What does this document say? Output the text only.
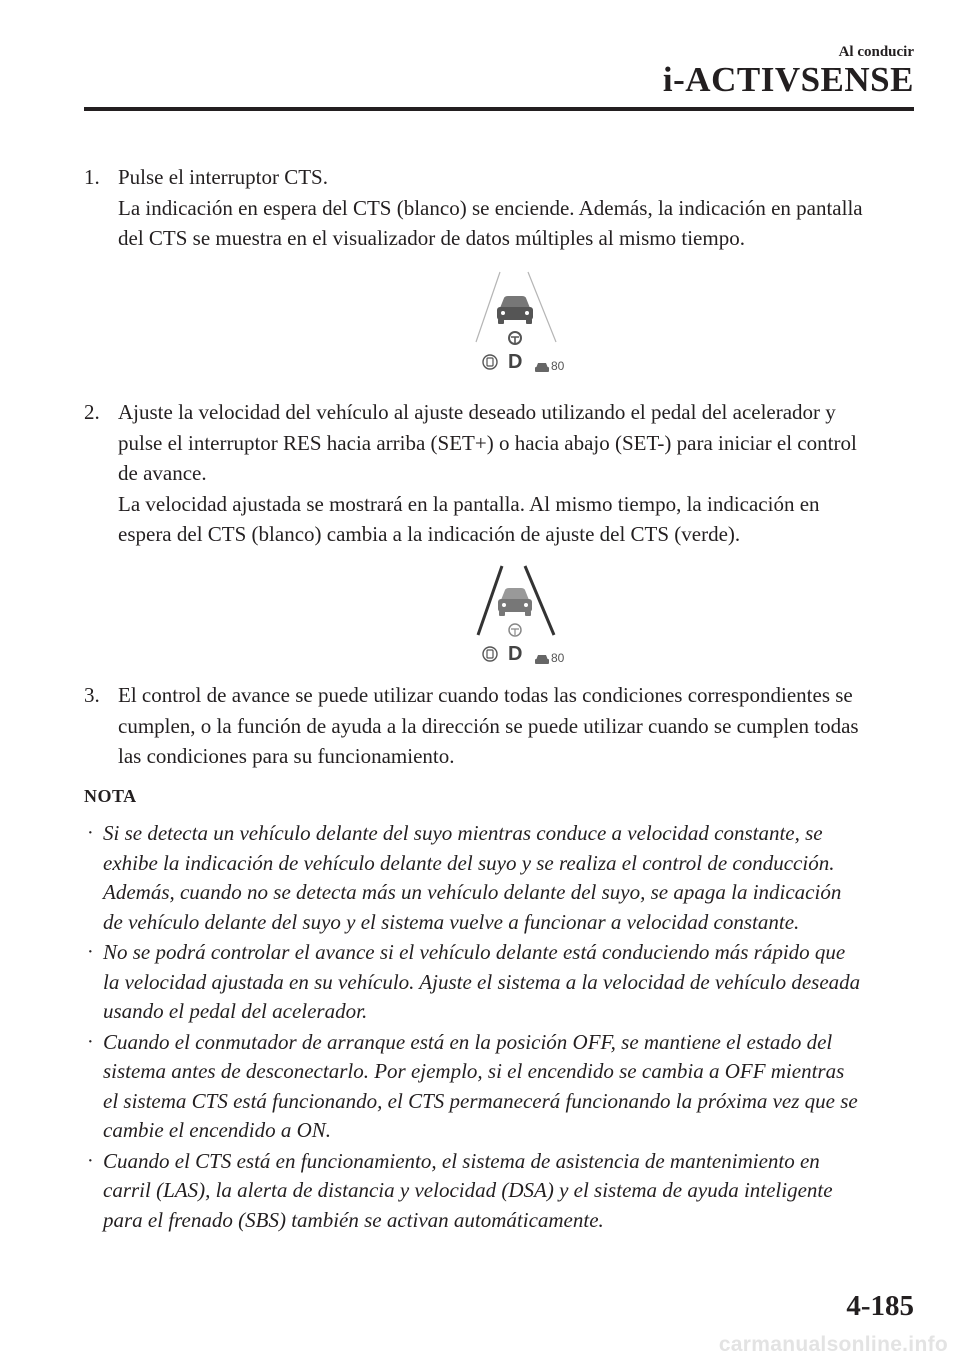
Al conducir
i-ACTIVSENSE
1. Pulse el interruptor CTS.

La indicación en espera del CTS (blanco) se enciende. Además, la indicación en pantalla

del CTS se muestra en el visualizador de datos múltiples al mismo tiempo.

D 80
2. Ajuste la velocidad del vehículo al ajuste deseado utilizando el pedal del acelerador y

pulse el interruptor RES hacia arriba (SET+) o hacia abajo (SET-) para iniciar el control

de avance.

La velocidad ajustada se mostrará en la pantalla. Al mismo tiempo, la indicación en

espera del CTS (blanco) cambia a la indicación de ajuste del CTS (verde).

D 80
3. El control de avance se puede utilizar cuando todas las condiciones correspondientes se

cumplen, o la función de ayuda a la dirección se puede utilizar cuando se cumplen todas

las condiciones para su funcionamiento.

NOTA
· Si se detecta un vehículo delante del suyo mientras conduce a velocidad constante, se
exhibe la indicación de vehículo delante del suyo y se realiza el control de conducción.
Además, cuando no se detecta más un vehículo delante del suyo, se apaga la indicación
de vehículo delante del suyo y el sistema vuelve a funcionar a velocidad constante.
· No se podrá controlar el avance si el vehículo delante está conduciendo más rápido que
la velocidad ajustada en su vehículo. Ajuste el sistema a la velocidad de vehículo deseada
usando el pedal del acelerador.
· Cuando el conmutador de arranque está en la posición OFF, se mantiene el estado del
sistema antes de desconectarlo. Por ejemplo, si el encendido se cambia a OFF mientras
el sistema CTS está funcionando, el CTS permanecerá funcionando la próxima vez que se
cambie el encendido a ON.
· Cuando el CTS está en funcionamiento, el sistema de asistencia de mantenimiento en
carril (LAS), la alerta de distancia y velocidad (DSA) y el sistema de ayuda inteligente
para el frenado (SBS) también se activan automáticamente.
4-185
carmanualsonline.info
